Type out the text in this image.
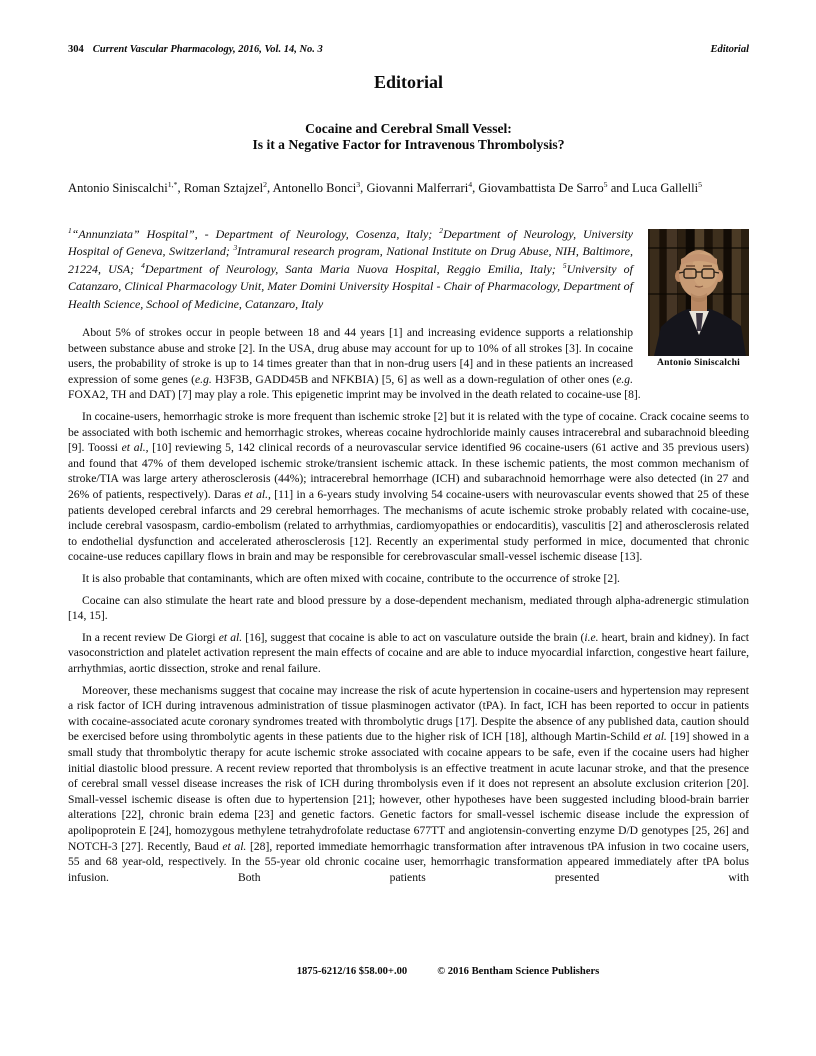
304 Current Vascular Pharmacology, 2016, Vol. 14, No. 3	Editorial
Editorial
Cocaine and Cerebral Small Vessel:
Is it a Negative Factor for Intravenous Thrombolysis?

Antonio Siniscalchi$^{1,*}$, Roman Sztajzel$^2$, Antonello Bonci$^3$, Giovanni Malferrari$^4$, Giovambattista De Sarro$^5$ and Luca Gallelli$^5$

Antonio Siniscalchi

$^1$“Annunziata” Hospital”, - Department of Neurology, Cosenza, Italy; $^2$Department of Neurology, University Hospital of Geneva, Switzerland; $^3$Intramural research program, National Institute on Drug Abuse, NIH, Baltimore, 21224, USA; $^4$Department of Neurology, Santa Maria Nuova Hospital, Reggio Emilia, Italy; $^5$University of Catanzaro, Clinical Pharmacology Unit, Mater Domini University Hospital - Chair of Pharmacology, Department of Health Science, School of Medicine, Catanzaro, Italy

About 5% of strokes occur in people between 18 and 44 years [1] and increasing evidence supports a relationship between substance abuse and stroke [2]. In the USA, drug abuse may account for up to 10% of all strokes [3]. In cocaine users, the probability of stroke is up to 14 times greater than that in non-drug users [4] and in these patients an increased expression of some genes (e.g. H3F3B, GADD45B and NFKBIA) [5, 6] as well as a down-regulation of other ones (e.g. FOXA2, TH and DAT) [7] may play a role. This epigenetic imprint may be involved in the death related to cocaine-use [8].

In cocaine-users, hemorrhagic stroke is more frequent than ischemic stroke [2] but it is related with the type of cocaine. Crack cocaine seems to be associated with both ischemic and hemorrhagic strokes, whereas cocaine hydrochloride mainly causes intracerebral and subarachnoid bleeding [9]. Toossi et al., [10] reviewing 5, 142 clinical records of a neurovascular service identified 96 cocaine-users (61 active and 35 previous users) and found that 47% of them developed ischemic stroke/transient ischemic attack. In these ischemic patients, the most common mechanism of stroke/TIA was large artery atherosclerosis (44%); intracerebral hemorrhage (ICH) and subarachnoid hemorrhage were also detected (in 27 and 26% of patients, respectively). Daras et al., [11] in a 6-years study involving 54 cocaine-users with neurovascular events showed that 25 of these patients developed cerebral infarcts and 29 cerebral hemorrhages. The mechanisms of acute ischemic stroke probably related with cocaine-use, include cerebral vasospasm, cardio-embolism (related to arrhythmias, cardiomyopathies or endocarditis), vasculitis [2] and atherosclerosis related to endothelial dysfunction and accelerated atherosclerosis [12]. Recently an experimental study performed in mice, documented that chronic cocaine-use reduces capillary flows in brain and may be responsible for cerebrovascular small-vessel ischemic disease [13].

It is also probable that contaminants, which are often mixed with cocaine, contribute to the occurrence of stroke [2].

Cocaine can also stimulate the heart rate and blood pressure by a dose-dependent mechanism, mediated through alpha-adrenergic stimulation [14, 15].

In a recent review De Giorgi et al. [16], suggest that cocaine is able to act on vasculature outside the brain (i.e. heart, brain and kidney). In fact vasoconstriction and platelet activation represent the main effects of cocaine and are able to induce myocardial infarction, congestive heart failure, arrhythmias, aortic dissection, stroke and renal failure.

Moreover, these mechanisms suggest that cocaine may increase the risk of acute hypertension in cocaine-users and hypertension may represent a risk factor of ICH during intravenous administration of tissue plasminogen activator (tPA). In fact, ICH has been reported to occur in patients with cocaine-associated acute coronary syndromes treated with thrombolytic drugs [17]. Despite the absence of any published data, caution should be exercised before using thrombolytic agents in these patients due to the higher risk of ICH [18], although Martin-Schild et al. [19] showed in a small study that thrombolytic therapy for acute ischemic stroke associated with cocaine appears to be safe, even if the cocaine users had higher initial diastolic blood pressure. A recent review reported that thrombolysis is an effective treatment in acute lacunar stroke, and that the presence of cerebral small vessel disease increases the risk of ICH during thrombolysis even if it does not represent an absolute exclusion criterion [20]. Small-vessel ischemic disease is often due to hypertension [21]; however, other hypotheses have been suggested including blood-brain barrier alterations [22], chronic brain edema [23] and genetic factors. Genetic factors for small-vessel ischemic disease include the expression of apolipoprotein E [24], homozygous methylene tetrahydrofolate reductase 677TT and angiotensin-converting enzyme D/D genotypes [25, 26] and NOTCH-3 [27]. Recently, Baud et al. [28], reported immediate hemorrhagic transformation after intravenous tPA infusion in two cocaine users, 55 and 68 year-old, respectively. In the 55-year old chronic cocaine user, hemorrhagic transformation appeared immediately after tPA bolus infusion. Both patients presented with

1875-6212/16 $58.00+.00	© 2016 Bentham Science Publishers
